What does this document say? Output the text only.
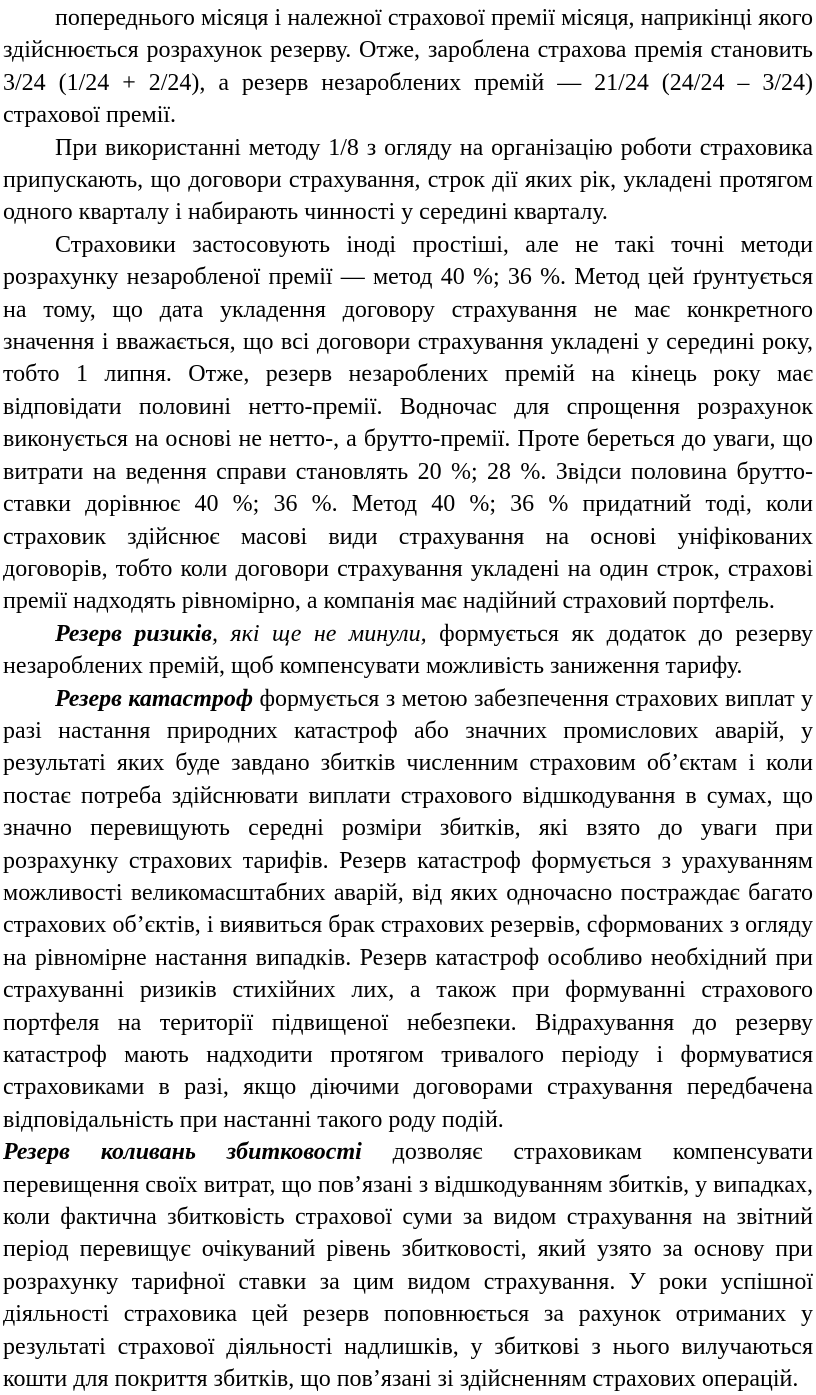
попереднього місяця і належної страхової премії місяця, наприкінці якого здійснюється розрахунок резерву. Отже, зароблена страхова премія становить 3/24 (1/24 + 2/24), а резерв незароблених премій — 21/24 (24/24 – 3/24) страхової премії.

При використанні методу 1/8 з огляду на організацію роботи страховика припускають, що договори страхування, строк дії яких рік, укладені протягом одного кварталу і набирають чинності у середині кварталу.

Страховики застосовують іноді простіші, але не такі точні методи розрахунку незаробленої премії — метод 40 %; 36 %. Метод цей ґрунтується на тому, що дата укладення договору страхування не має конкретного значення і вважається, що всі договори страхування укладені у середині року, тобто 1 липня. Отже, резерв незароблених премій на кінець року має відповідати половині нетто-премії. Водночас для спрощення розрахунок виконується на основі не нетто-, а брутто-премії. Проте береться до уваги, що витрати на ведення справи становлять 20 %; 28 %. Звідси половина брутто-ставки дорівнює 40 %; 36 %. Метод 40 %; 36 % придатний тоді, коли страховик здійснює масові види страхування на основі уніфікованих договорів, тобто коли договори страхування укладені на один строк, страхові премії надходять рівномірно, а компанія має надійний страховий портфель.

Резерв ризиків, які ще не минули, формується як додаток до резерву незароблених премій, щоб компенсувати можливість заниження тарифу.

Резерв катастроф формується з метою забезпечення страхових виплат у разі настання природних катастроф або значних промислових аварій, у результаті яких буде завдано збитків численним страховим об’єктам і коли постає потреба здійснювати виплати страхового відшкодування в сумах, що значно перевищують середні розміри збитків, які взято до уваги при розрахунку страхових тарифів. Резерв катастроф формується з урахуванням можливості великомасштабних аварій, від яких одночасно постраждає багато страхових об’єктів, і виявиться брак страхових резервів, сформованих з огляду на рівномірне настання випадків. Резерв катастроф особливо необхідний при страхуванні ризиків стихійних лих, а також при формуванні страхового портфеля на території підвищеної небезпеки. Відрахування до резерву катастроф мають надходити протягом тривалого періоду і формуватися страховиками в разі, якщо діючими договорами страхування передбачена відповідальність при настанні такого роду подій.

Резерв коливань збитковості дозволяє страховикам компенсувати перевищення своїх витрат, що пов’язані з відшкодуванням збитків, у випадках, коли фактична збитковість страхової суми за видом страхування на звітний період перевищує очікуваний рівень збитковості, який узято за основу при розрахунку тарифної ставки за цим видом страхування. У роки успішної діяльності страховика цей резерв поповнюється за рахунок отриманих у результаті страхової діяльності надлишків, у збиткові з нього вилучаються кошти для покриття збитків, що пов’язані зі здійсненням страхових операцій.
